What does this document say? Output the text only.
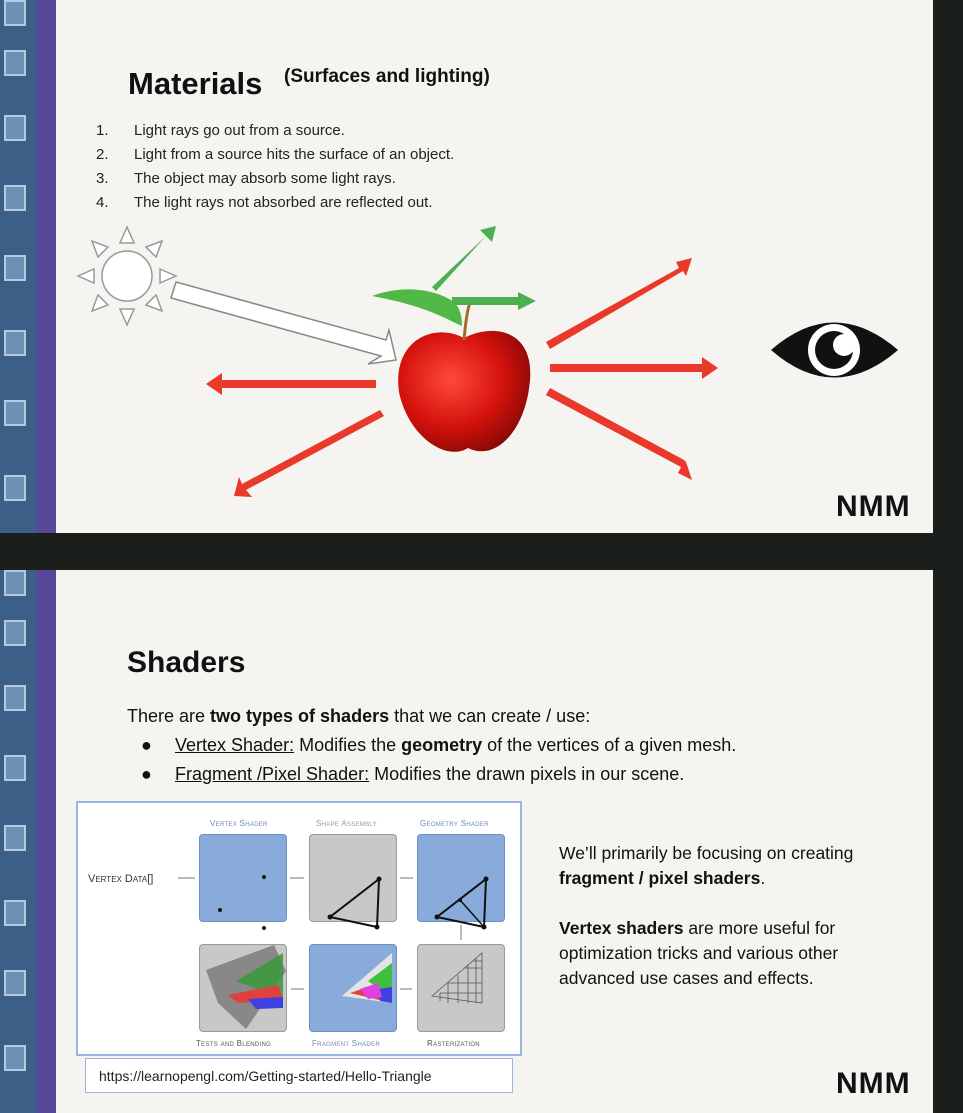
Materials (Surfaces and lighting)
1.	Light rays go out from a source.
2.	Light from a source hits the surface of an object.
3.	The object may absorb some light rays.
4.	The light rays not absorbed are reflected out.
NMM
Shaders
There are two types of shaders that we can create / use:
● Vertex Shader: Modifies the geometry of the vertices of a given mesh.
● Fragment /Pixel Shader: Modifies the drawn pixels in our scene.
Vertex Data[]
Vertex Shader	Shape Assembly	Geometry Shader
Tests and Blending	Fragment Shader	Rasterization
https://learnopengl.com/Getting-started/Hello-Triangle
We’ll primarily be focusing on creating fragment / pixel shaders.
Vertex shaders are more useful for optimization tricks and various other advanced use cases and effects.
NMM
